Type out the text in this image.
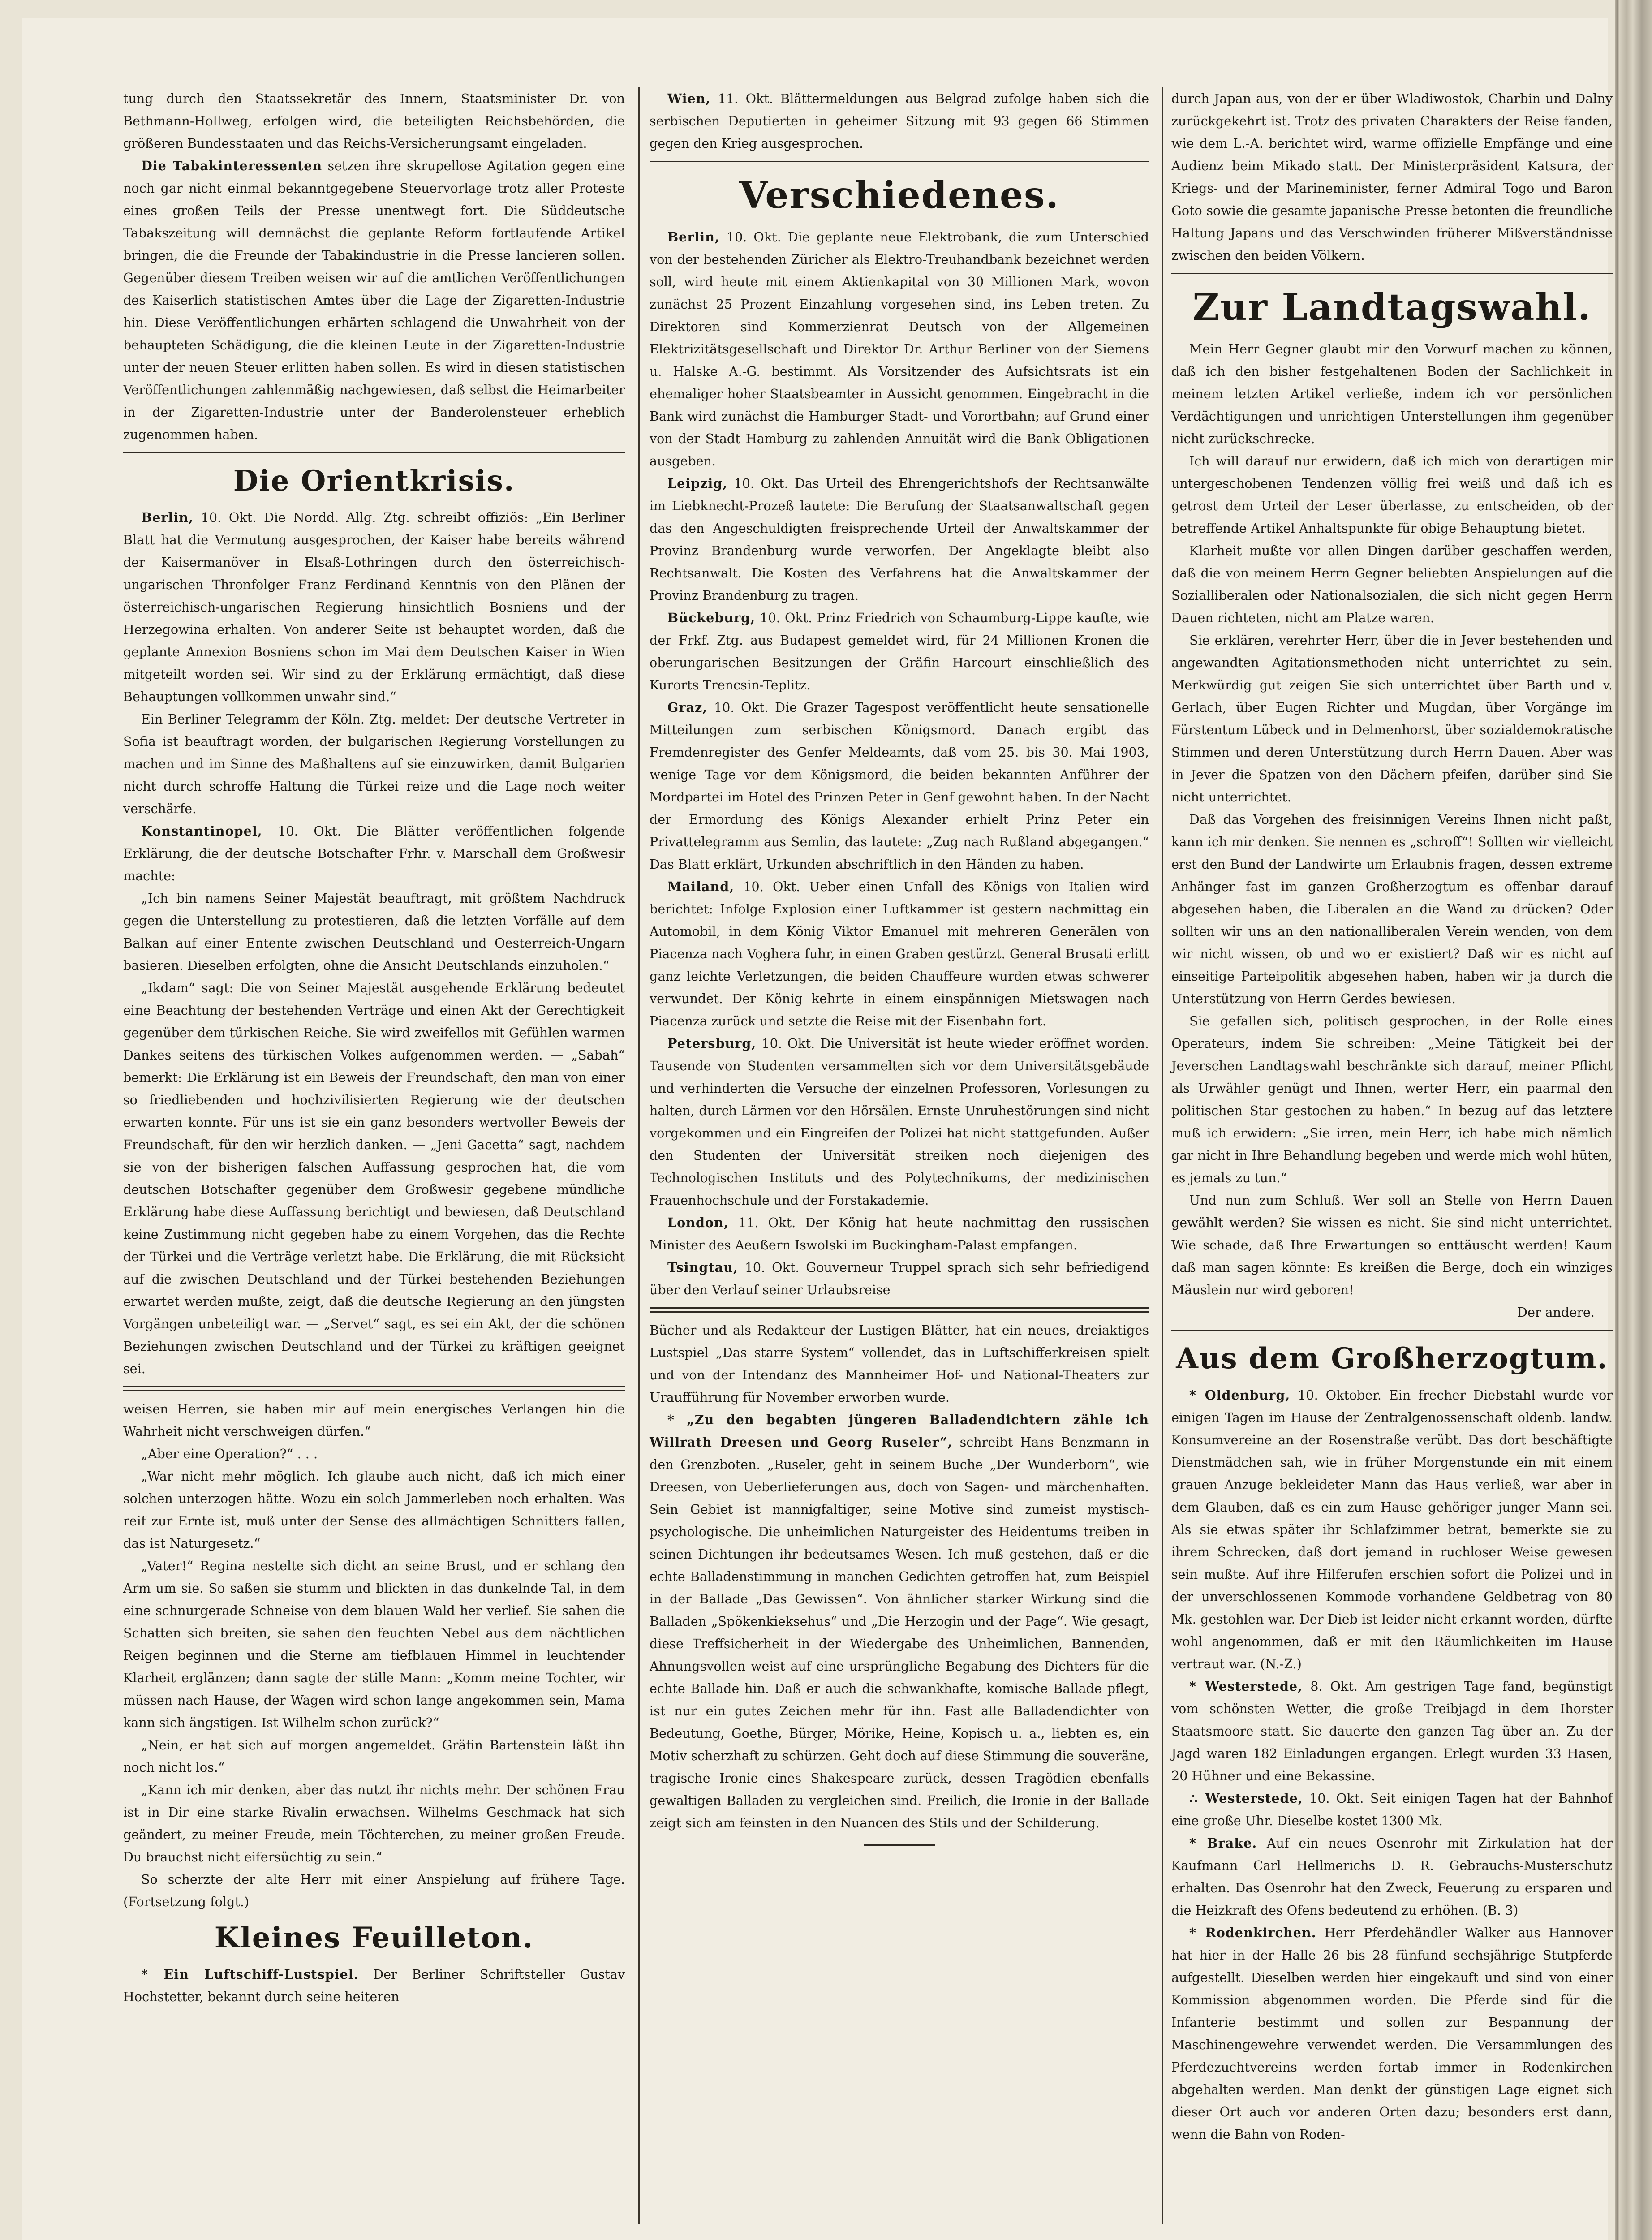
tung durch den Staatssekretär des Innern, Staatsminister Dr. von Bethmann-Hollweg, erfolgen wird, die beteiligten Reichsbehörden, die größeren Bundesstaaten und das Reichs-Versicherungsamt eingeladen.

Die Tabakinteressenten setzen ihre skrupellose Agitation gegen eine noch gar nicht einmal bekanntgegebene Steuervorlage trotz aller Proteste eines großen Teils der Presse unentwegt fort. Die Süddeutsche Tabakszeitung will demnächst die geplante Reform fortlaufende Artikel bringen, die die Freunde der Tabakindustrie in die Presse lancieren sollen. Gegenüber diesem Treiben weisen wir auf die amtlichen Veröffentlichungen des Kaiserlich statistischen Amtes über die Lage der Zigaretten-Industrie hin. Diese Veröffentlichungen erhärten schlagend die Unwahrheit von der behaupteten Schädigung, die die kleinen Leute in der Zigaretten-Industrie unter der neuen Steuer erlitten haben sollen. Es wird in diesen statistischen Veröffentlichungen zahlenmäßig nachgewiesen, daß selbst die Heimarbeiter in der Zigaretten-Industrie unter der Banderolensteuer erheblich zugenommen haben.

Die Orientkrisis.

Berlin, 10. Okt. Die Nordd. Allg. Ztg. schreibt offiziös: „Ein Berliner Blatt hat die Vermutung ausgesprochen, der Kaiser habe bereits während der Kaisermanöver in Elsaß-Lothringen durch den österreichisch-ungarischen Thronfolger Franz Ferdinand Kenntnis von den Plänen der österreichisch-ungarischen Regierung hinsichtlich Bosniens und der Herzegowina erhalten. Von anderer Seite ist behauptet worden, daß die geplante Annexion Bosniens schon im Mai dem Deutschen Kaiser in Wien mitgeteilt worden sei. Wir sind zu der Erklärung ermächtigt, daß diese Behauptungen vollkommen unwahr sind.“

Ein Berliner Telegramm der Köln. Ztg. meldet: Der deutsche Vertreter in Sofia ist beauftragt worden, der bulgarischen Regierung Vorstellungen zu machen und im Sinne des Maßhaltens auf sie einzuwirken, damit Bulgarien nicht durch schroffe Haltung die Türkei reize und die Lage noch weiter verschärfe.

Konstantinopel, 10. Okt. Die Blätter veröffentlichen folgende Erklärung, die der deutsche Botschafter Frhr. v. Marschall dem Großwesir machte:

„Ich bin namens Seiner Majestät beauftragt, mit größtem Nachdruck gegen die Unterstellung zu protestieren, daß die letzten Vorfälle auf dem Balkan auf einer Entente zwischen Deutschland und Oesterreich-Ungarn basieren. Dieselben erfolgten, ohne die Ansicht Deutschlands einzuholen.“

„Ikdam“ sagt: Die von Seiner Majestät ausgehende Erklärung bedeutet eine Beachtung der bestehenden Verträge und einen Akt der Gerechtigkeit gegenüber dem türkischen Reiche. Sie wird zweifellos mit Gefühlen warmen Dankes seitens des türkischen Volkes aufgenommen werden. — „Sabah“ bemerkt: Die Erklärung ist ein Beweis der Freundschaft, den man von einer so friedliebenden und hochzivilisierten Regierung wie der deutschen erwarten konnte. Für uns ist sie ein ganz besonders wertvoller Beweis der Freundschaft, für den wir herzlich danken. — „Jeni Gacetta“ sagt, nachdem sie von der bisherigen falschen Auffassung gesprochen hat, die vom deutschen Botschafter gegenüber dem Großwesir gegebene mündliche Erklärung habe diese Auffassung berichtigt und bewiesen, daß Deutschland keine Zustimmung nicht gegeben habe zu einem Vorgehen, das die Rechte der Türkei und die Verträge verletzt habe. Die Erklärung, die mit Rücksicht auf die zwischen Deutschland und der Türkei bestehenden Beziehungen erwartet werden mußte, zeigt, daß die deutsche Regierung an den jüngsten Vorgängen unbeteiligt war. — „Servet“ sagt, es sei ein Akt, der die schönen Beziehungen zwischen Deutschland und der Türkei zu kräftigen geeignet sei.

weisen Herren, sie haben mir auf mein energisches Verlangen hin die Wahrheit nicht verschweigen dürfen.“

„Aber eine Operation?“ . . .

„War nicht mehr möglich. Ich glaube auch nicht, daß ich mich einer solchen unterzogen hätte. Wozu ein solch Jammerleben noch erhalten. Was reif zur Ernte ist, muß unter der Sense des allmächtigen Schnitters fallen, das ist Naturgesetz.“

„Vater!“ Regina nestelte sich dicht an seine Brust, und er schlang den Arm um sie. So saßen sie stumm und blickten in das dunkelnde Tal, in dem eine schnurgerade Schneise von dem blauen Wald her verlief. Sie sahen die Schatten sich breiten, sie sahen den feuchten Nebel aus dem nächtlichen Reigen beginnen und die Sterne am tiefblauen Himmel in leuchtender Klarheit erglänzen; dann sagte der stille Mann: „Komm meine Tochter, wir müssen nach Hause, der Wagen wird schon lange angekommen sein, Mama kann sich ängstigen. Ist Wilhelm schon zurück?“

„Nein, er hat sich auf morgen angemeldet. Gräfin Bartenstein läßt ihn noch nicht los.“

„Kann ich mir denken, aber das nutzt ihr nichts mehr. Der schönen Frau ist in Dir eine starke Rivalin erwachsen. Wilhelms Geschmack hat sich geändert, zu meiner Freude, mein Töchterchen, zu meiner großen Freude. Du brauchst nicht eifersüchtig zu sein.“

So scherzte der alte Herr mit einer Anspielung auf frühere Tage. (Fortsetzung folgt.)

Kleines Feuilleton.

* Ein Luftschiff-Lustspiel. Der Berliner Schriftsteller Gustav Hochstetter, bekannt durch seine heiteren

Wien, 11. Okt. Blättermeldungen aus Belgrad zufolge haben sich die serbischen Deputierten in geheimer Sitzung mit 93 gegen 66 Stimmen gegen den Krieg ausgesprochen.

Verschiedenes.

Berlin, 10. Okt. Die geplante neue Elektrobank, die zum Unterschied von der bestehenden Züricher als Elektro-Treuhandbank bezeichnet werden soll, wird heute mit einem Aktienkapital von 30 Millionen Mark, wovon zunächst 25 Prozent Einzahlung vorgesehen sind, ins Leben treten. Zu Direktoren sind Kommerzienrat Deutsch von der Allgemeinen Elektrizitätsgesellschaft und Direktor Dr. Arthur Berliner von der Siemens u. Halske A.-G. bestimmt. Als Vorsitzender des Aufsichtsrats ist ein ehemaliger hoher Staatsbeamter in Aussicht genommen. Eingebracht in die Bank wird zunächst die Hamburger Stadt- und Vorortbahn; auf Grund einer von der Stadt Hamburg zu zahlenden Annuität wird die Bank Obligationen ausgeben.

Leipzig, 10. Okt. Das Urteil des Ehrengerichtshofs der Rechtsanwälte im Liebknecht-Prozeß lautete: Die Berufung der Staatsanwaltschaft gegen das den Angeschuldigten freisprechende Urteil der Anwaltskammer der Provinz Brandenburg wurde verworfen. Der Angeklagte bleibt also Rechtsanwalt. Die Kosten des Verfahrens hat die Anwaltskammer der Provinz Brandenburg zu tragen.

Bückeburg, 10. Okt. Prinz Friedrich von Schaumburg-Lippe kaufte, wie der Frkf. Ztg. aus Budapest gemeldet wird, für 24 Millionen Kronen die oberungarischen Besitzungen der Gräfin Harcourt einschließlich des Kurorts Trencsin-Teplitz.

Graz, 10. Okt. Die Grazer Tagespost veröffentlicht heute sensationelle Mitteilungen zum serbischen Königsmord. Danach ergibt das Fremdenregister des Genfer Meldeamts, daß vom 25. bis 30. Mai 1903, wenige Tage vor dem Königsmord, die beiden bekannten Anführer der Mordpartei im Hotel des Prinzen Peter in Genf gewohnt haben. In der Nacht der Ermordung des Königs Alexander erhielt Prinz Peter ein Privattelegramm aus Semlin, das lautete: „Zug nach Rußland abgegangen.“ Das Blatt erklärt, Urkunden abschriftlich in den Händen zu haben.

Mailand, 10. Okt. Ueber einen Unfall des Königs von Italien wird berichtet: Infolge Explosion einer Luftkammer ist gestern nachmittag ein Automobil, in dem König Viktor Emanuel mit mehreren Generälen von Piacenza nach Voghera fuhr, in einen Graben gestürzt. General Brusati erlitt ganz leichte Verletzungen, die beiden Chauffeure wurden etwas schwerer verwundet. Der König kehrte in einem einspännigen Mietswagen nach Piacenza zurück und setzte die Reise mit der Eisenbahn fort.

Petersburg, 10. Okt. Die Universität ist heute wieder eröffnet worden. Tausende von Studenten versammelten sich vor dem Universitätsgebäude und verhinderten die Versuche der einzelnen Professoren, Vorlesungen zu halten, durch Lärmen vor den Hörsälen. Ernste Unruhestörungen sind nicht vorgekommen und ein Eingreifen der Polizei hat nicht stattgefunden. Außer den Studenten der Universität streiken noch diejenigen des Technologischen Instituts und des Polytechnikums, der medizinischen Frauenhochschule und der Forstakademie.

London, 11. Okt. Der König hat heute nachmittag den russischen Minister des Aeußern Iswolski im Buckingham-Palast empfangen.

Tsingtau, 10. Okt. Gouverneur Truppel sprach sich sehr befriedigend über den Verlauf seiner Urlaubsreise

Bücher und als Redakteur der Lustigen Blätter, hat ein neues, dreiaktiges Lustspiel „Das starre System“ vollendet, das in Luftschifferkreisen spielt und von der Intendanz des Mannheimer Hof- und National-Theaters zur Uraufführung für November erworben wurde.

* „Zu den begabten jüngeren Balladendichtern zähle ich Willrath Dreesen und Georg Ruseler“, schreibt Hans Benzmann in den Grenzboten. „Ruseler, geht in seinem Buche „Der Wunderborn“, wie Dreesen, von Ueberlieferungen aus, doch von Sagen- und märchenhaften. Sein Gebiet ist mannigfaltiger, seine Motive sind zumeist mystisch-psychologische. Die unheimlichen Naturgeister des Heidentums treiben in seinen Dichtungen ihr bedeutsames Wesen. Ich muß gestehen, daß er die echte Balladenstimmung in manchen Gedichten getroffen hat, zum Beispiel in der Ballade „Das Gewissen“. Von ähnlicher starker Wirkung sind die Balladen „Spökenkieksehus“ und „Die Herzogin und der Page“. Wie gesagt, diese Treffsicherheit in der Wiedergabe des Unheimlichen, Bannenden, Ahnungsvollen weist auf eine ursprüngliche Begabung des Dichters für die echte Ballade hin. Daß er auch die schwankhafte, komische Ballade pflegt, ist nur ein gutes Zeichen mehr für ihn. Fast alle Balladendichter von Bedeutung, Goethe, Bürger, Mörike, Heine, Kopisch u. a., liebten es, ein Motiv scherzhaft zu schürzen. Geht doch auf diese Stimmung die souveräne, tragische Ironie eines Shakespeare zurück, dessen Tragödien ebenfalls gewaltigen Balladen zu vergleichen sind. Freilich, die Ironie in der Ballade zeigt sich am feinsten in den Nuancen des Stils und der Schilderung.

durch Japan aus, von der er über Wladiwostok, Charbin und Dalny zurückgekehrt ist. Trotz des privaten Charakters der Reise fanden, wie dem L.-A. berichtet wird, warme offizielle Empfänge und eine Audienz beim Mikado statt. Der Ministerpräsident Katsura, der Kriegs- und der Marineminister, ferner Admiral Togo und Baron Goto sowie die gesamte japanische Presse betonten die freundliche Haltung Japans und das Verschwinden früherer Mißverständnisse zwischen den beiden Völkern.

Zur Landtagswahl.

Mein Herr Gegner glaubt mir den Vorwurf machen zu können, daß ich den bisher festgehaltenen Boden der Sachlichkeit in meinem letzten Artikel verließe, indem ich vor persönlichen Verdächtigungen und unrichtigen Unterstellungen ihm gegenüber nicht zurückschrecke.

Ich will darauf nur erwidern, daß ich mich von derartigen mir untergeschobenen Tendenzen völlig frei weiß und daß ich es getrost dem Urteil der Leser überlasse, zu entscheiden, ob der betreffende Artikel Anhaltspunkte für obige Behauptung bietet.

Klarheit mußte vor allen Dingen darüber geschaffen werden, daß die von meinem Herrn Gegner beliebten Anspielungen auf die Sozialliberalen oder Nationalsozialen, die sich nicht gegen Herrn Dauen richteten, nicht am Platze waren.

Sie erklären, verehrter Herr, über die in Jever bestehenden und angewandten Agitationsmethoden nicht unterrichtet zu sein. Merkwürdig gut zeigen Sie sich unterrichtet über Barth und v. Gerlach, über Eugen Richter und Mugdan, über Vorgänge im Fürstentum Lübeck und in Delmenhorst, über sozialdemokratische Stimmen und deren Unterstützung durch Herrn Dauen. Aber was in Jever die Spatzen von den Dächern pfeifen, darüber sind Sie nicht unterrichtet.

Daß das Vorgehen des freisinnigen Vereins Ihnen nicht paßt, kann ich mir denken. Sie nennen es „schroff“! Sollten wir vielleicht erst den Bund der Landwirte um Erlaubnis fragen, dessen extreme Anhänger fast im ganzen Großherzogtum es offenbar darauf abgesehen haben, die Liberalen an die Wand zu drücken? Oder sollten wir uns an den nationalliberalen Verein wenden, von dem wir nicht wissen, ob und wo er existiert? Daß wir es nicht auf einseitige Parteipolitik abgesehen haben, haben wir ja durch die Unterstützung von Herrn Gerdes bewiesen.

Sie gefallen sich, politisch gesprochen, in der Rolle eines Operateurs, indem Sie schreiben: „Meine Tätigkeit bei der Jeverschen Landtagswahl beschränkte sich darauf, meiner Pflicht als Urwähler genügt und Ihnen, werter Herr, ein paarmal den politischen Star gestochen zu haben.“ In bezug auf das letztere muß ich erwidern: „Sie irren, mein Herr, ich habe mich nämlich gar nicht in Ihre Behandlung begeben und werde mich wohl hüten, es jemals zu tun.“

Und nun zum Schluß. Wer soll an Stelle von Herrn Dauen gewählt werden? Sie wissen es nicht. Sie sind nicht unterrichtet. Wie schade, daß Ihre Erwartungen so enttäuscht werden! Kaum daß man sagen könnte: Es kreißen die Berge, doch ein winziges Mäuslein nur wird geboren!

Der andere.
Aus dem Großherzogtum.

* Oldenburg, 10. Oktober. Ein frecher Diebstahl wurde vor einigen Tagen im Hause der Zentralgenossenschaft oldenb. landw. Konsumvereine an der Rosenstraße verübt. Das dort beschäftigte Dienstmädchen sah, wie in früher Morgenstunde ein mit einem grauen Anzuge bekleideter Mann das Haus verließ, war aber in dem Glauben, daß es ein zum Hause gehöriger junger Mann sei. Als sie etwas später ihr Schlafzimmer betrat, bemerkte sie zu ihrem Schrecken, daß dort jemand in ruchloser Weise gewesen sein mußte. Auf ihre Hilferufen erschien sofort die Polizei und in der unverschlossenen Kommode vorhandene Geldbetrag von 80 Mk. gestohlen war. Der Dieb ist leider nicht erkannt worden, dürfte wohl angenommen, daß er mit den Räumlichkeiten im Hause vertraut war. (N.-Z.)

* Westerstede, 8. Okt. Am gestrigen Tage fand, begünstigt vom schönsten Wetter, die große Treibjagd in dem Ihorster Staatsmoore statt. Sie dauerte den ganzen Tag über an. Zu der Jagd waren 182 Einladungen ergangen. Erlegt wurden 33 Hasen, 20 Hühner und eine Bekassine.

∴ Westerstede, 10. Okt. Seit einigen Tagen hat der Bahnhof eine große Uhr. Dieselbe kostet 1300 Mk.

* Brake. Auf ein neues Osenrohr mit Zirkulation hat der Kaufmann Carl Hellmerichs D. R. Gebrauchs-Musterschutz erhalten. Das Osenrohr hat den Zweck, Feuerung zu ersparen und die Heizkraft des Ofens bedeutend zu erhöhen. (B. 3)

* Rodenkirchen. Herr Pferdehändler Walker aus Hannover hat hier in der Halle 26 bis 28 fünfund sechsjährige Stutpferde aufgestellt. Dieselben werden hier eingekauft und sind von einer Kommission abgenommen worden. Die Pferde sind für die Infanterie bestimmt und sollen zur Bespannung der Maschinengewehre verwendet werden. Die Versammlungen des Pferdezuchtvereins werden fortab immer in Rodenkirchen abgehalten werden. Man denkt der günstigen Lage eignet sich dieser Ort auch vor anderen Orten dazu; besonders erst dann, wenn die Bahn von Roden-
